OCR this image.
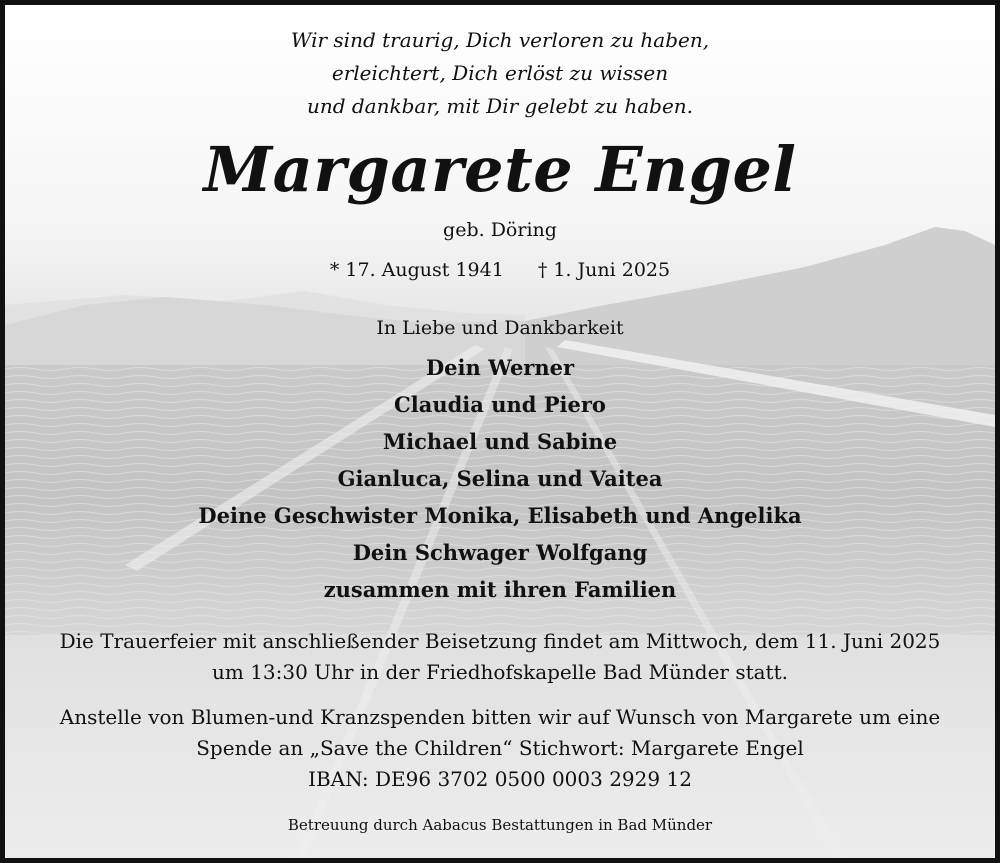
Wir sind traurig, Dich verloren zu haben,
erleichtert, Dich erlöst zu wissen
und dankbar, mit Dir gelebt zu haben.
Margarete Engel
geb. Döring
* 17. August 1941 † 1. Juni 2025
In Liebe und Dankbarkeit
Dein Werner
Claudia und Piero
Michael und Sabine
Gianluca, Selina und Vaitea
Deine Geschwister Monika, Elisabeth und Angelika
Dein Schwager Wolfgang
zusammen mit ihren Familien
Die Trauerfeier mit anschließender Beisetzung findet am Mittwoch, dem 11. Juni 2025
um 13:30 Uhr in der Friedhofskapelle Bad Münder statt.
Anstelle von Blumen-und Kranzspenden bitten wir auf Wunsch von Margarete um eine
Spende an „Save the Children“ Stichwort: Margarete Engel
IBAN: DE96 3702 0500 0003 2929 12
Betreuung durch Aabacus Bestattungen in Bad Münder
